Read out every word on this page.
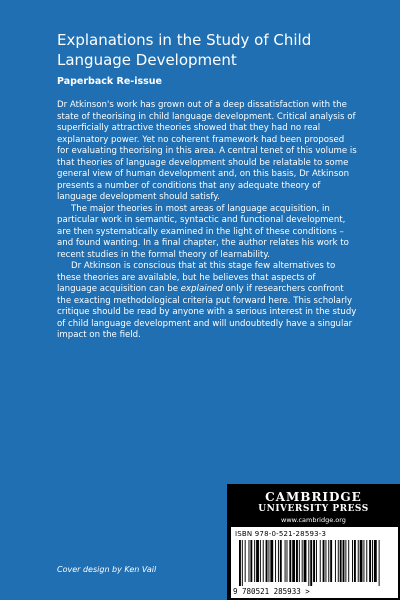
Explanations in the Study of Child Language Development
Paperback Re-issue

Dr Atkinson's work has grown out of a deep dissatisfaction with the state of theorising in child language development. Critical analysis of superficially attractive theories showed that they had no real explanatory power. Yet no coherent framework had been proposed for evaluating theorising in this area. A central tenet of this volume is that theories of language development should be relatable to some general view of human development and, on this basis, Dr Atkinson presents a number of conditions that any adequate theory of language development should satisfy.

The major theories in most areas of language acquisition, in particular work in semantic, syntactic and functional development, are then systematically examined in the light of these conditions – and found wanting. In a final chapter, the author relates his work to recent studies in the formal theory of learnability.

Dr Atkinson is conscious that at this stage few alternatives to these theories are available, but he believes that aspects of language acquisition can be explained only if researchers confront the exacting methodological criteria put forward here. This scholarly critique should be read by anyone with a serious interest in the study of child language development and will undoubtedly have a singular impact on the field.

CAMBRIDGE
UNIVERSITY PRESS
www.cambridge.org
ISBN 978-0-521-28593-3
9 780521 285933 >
Cover design by Ken Vail
